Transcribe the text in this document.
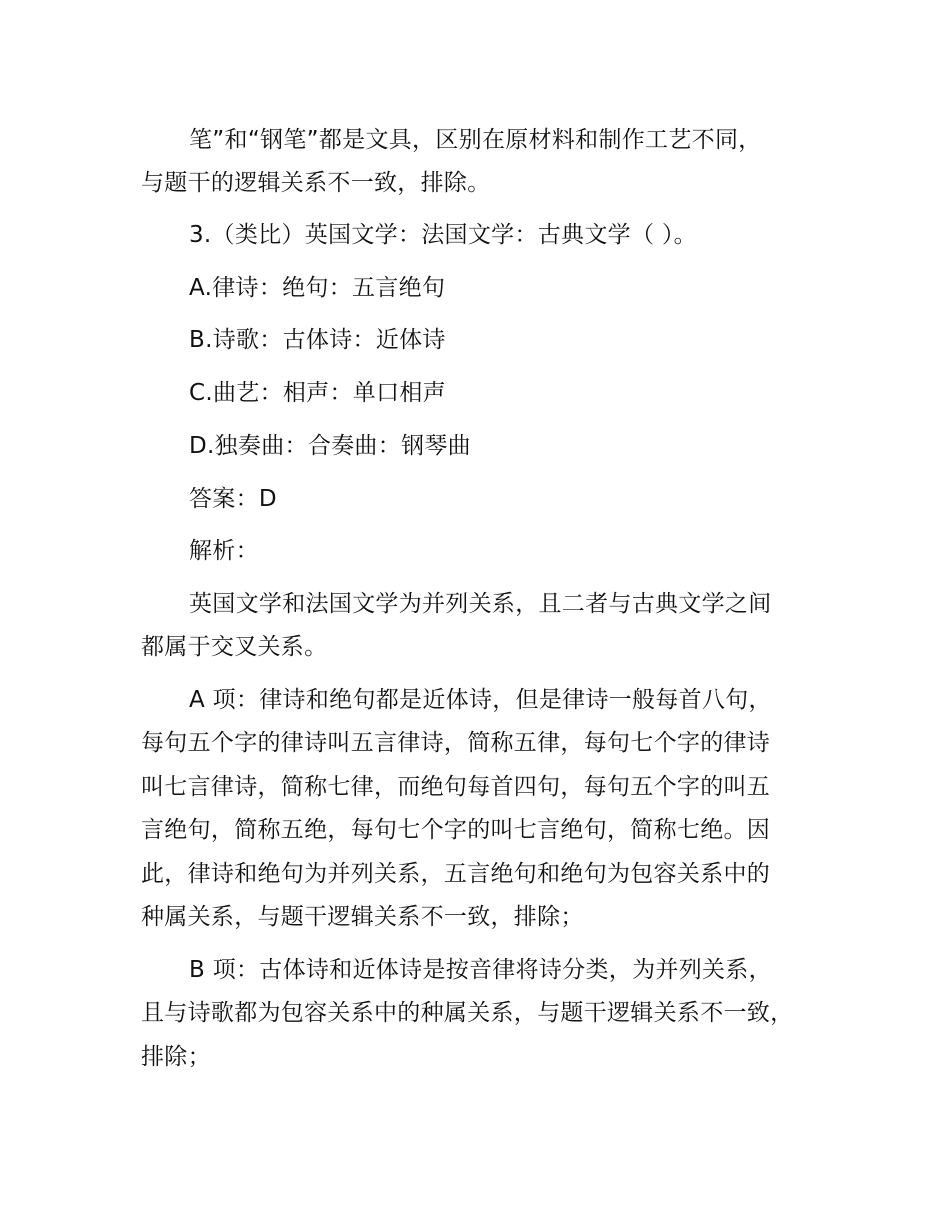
笔”和“钢笔”都是文具，区别在原材料和制作工艺不同，
与题干的逻辑关系不一致，排除。
3.（类比）英国文学：法国文学：古典文学（ ）。
A.律诗：绝句：五言绝句
B.诗歌：古体诗：近体诗
C.曲艺：相声：单口相声
D.独奏曲：合奏曲：钢琴曲
答案：D
解析：
英国文学和法国文学为并列关系，且二者与古典文学之间
都属于交叉关系。
A 项：律诗和绝句都是近体诗，但是律诗一般每首八句，
每句五个字的律诗叫五言律诗，简称五律，每句七个字的律诗
叫七言律诗，简称七律，而绝句每首四句，每句五个字的叫五
言绝句，简称五绝，每句七个字的叫七言绝句，简称七绝。因
此，律诗和绝句为并列关系，五言绝句和绝句为包容关系中的
种属关系，与题干逻辑关系不一致，排除；
B 项：古体诗和近体诗是按音律将诗分类，为并列关系，
且与诗歌都为包容关系中的种属关系，与题干逻辑关系不一致，
排除；
